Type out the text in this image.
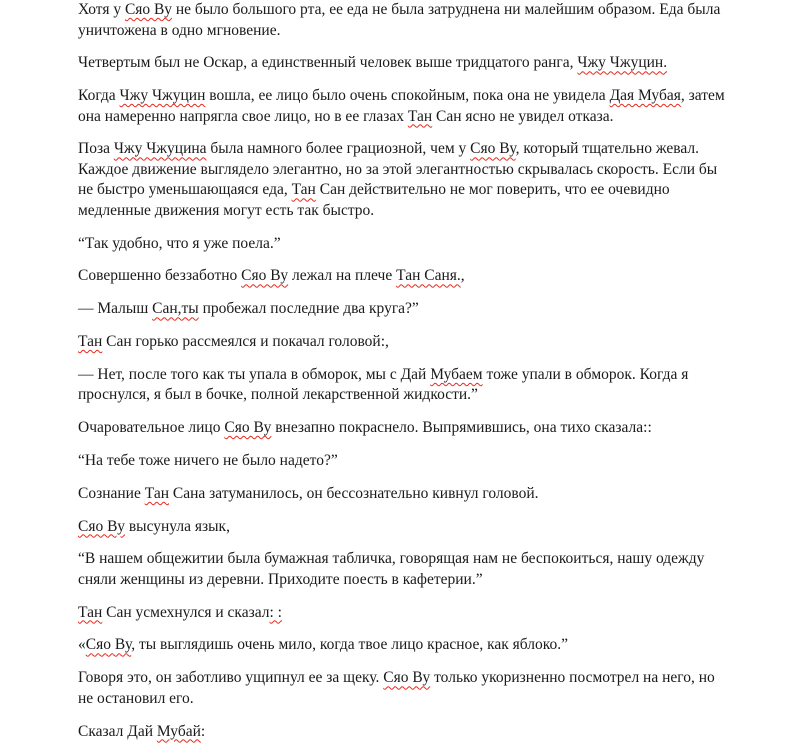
Хотя у Сяо Ву не было большого рта, ее еда не была затруднена ни малейшим образом. Еда была уничтожена в одно мгновение.

Четвертым был не Оскар, а единственный человек выше тридцатого ранга, Чжу Чжуцин.

Когда Чжу Чжуцин вошла, ее лицо было очень спокойным, пока она не увидела Дая Мубая, затем она намеренно напрягла свое лицо, но в ее глазах Тан Сан ясно не увидел отказа.

Поза Чжу Чжуцина была намного более грациозной, чем у Сяо Ву, который тщательно жевал. Каждое движение выглядело элегантно, но за этой элегантностью скрывалась скорость. Если бы не быстро уменьшающаяся еда, Тан Сан действительно не мог поверить, что ее очевидно медленные движения могут есть так быстро.

“Так удобно, что я уже поела.”

Совершенно беззаботно Сяо Ву лежал на плече Тан Саня.,

— Малыш Сан,ты пробежал последние два круга?”

Тан Сан горько рассмеялся и покачал головой:,

— Нет, после того как ты упала в обморок, мы с Дай Мубаем тоже упали в обморок. Когда я проснулся, я был в бочке, полной лекарственной жидкости.”

Очаровательное лицо Сяо Ву внезапно покраснело. Выпрямившись, она тихо сказала::

“На тебе тоже ничего не было надето?”

Сознание Тан Сана затуманилось, он бессознательно кивнул головой.

Сяо Ву высунула язык,

“В нашем общежитии была бумажная табличка, говорящая нам не беспокоиться, нашу одежду сняли женщины из деревни. Приходите поесть в кафетерии.”

Тан Сан усмехнулся и сказал: :

«Сяо Ву, ты выглядишь очень мило, когда твое лицо красное, как яблоко.”

Говоря это, он заботливо ущипнул ее за щеку. Сяо Ву только укоризненно посмотрел на него, но не остановил его.

Сказал Дай Мубай:
